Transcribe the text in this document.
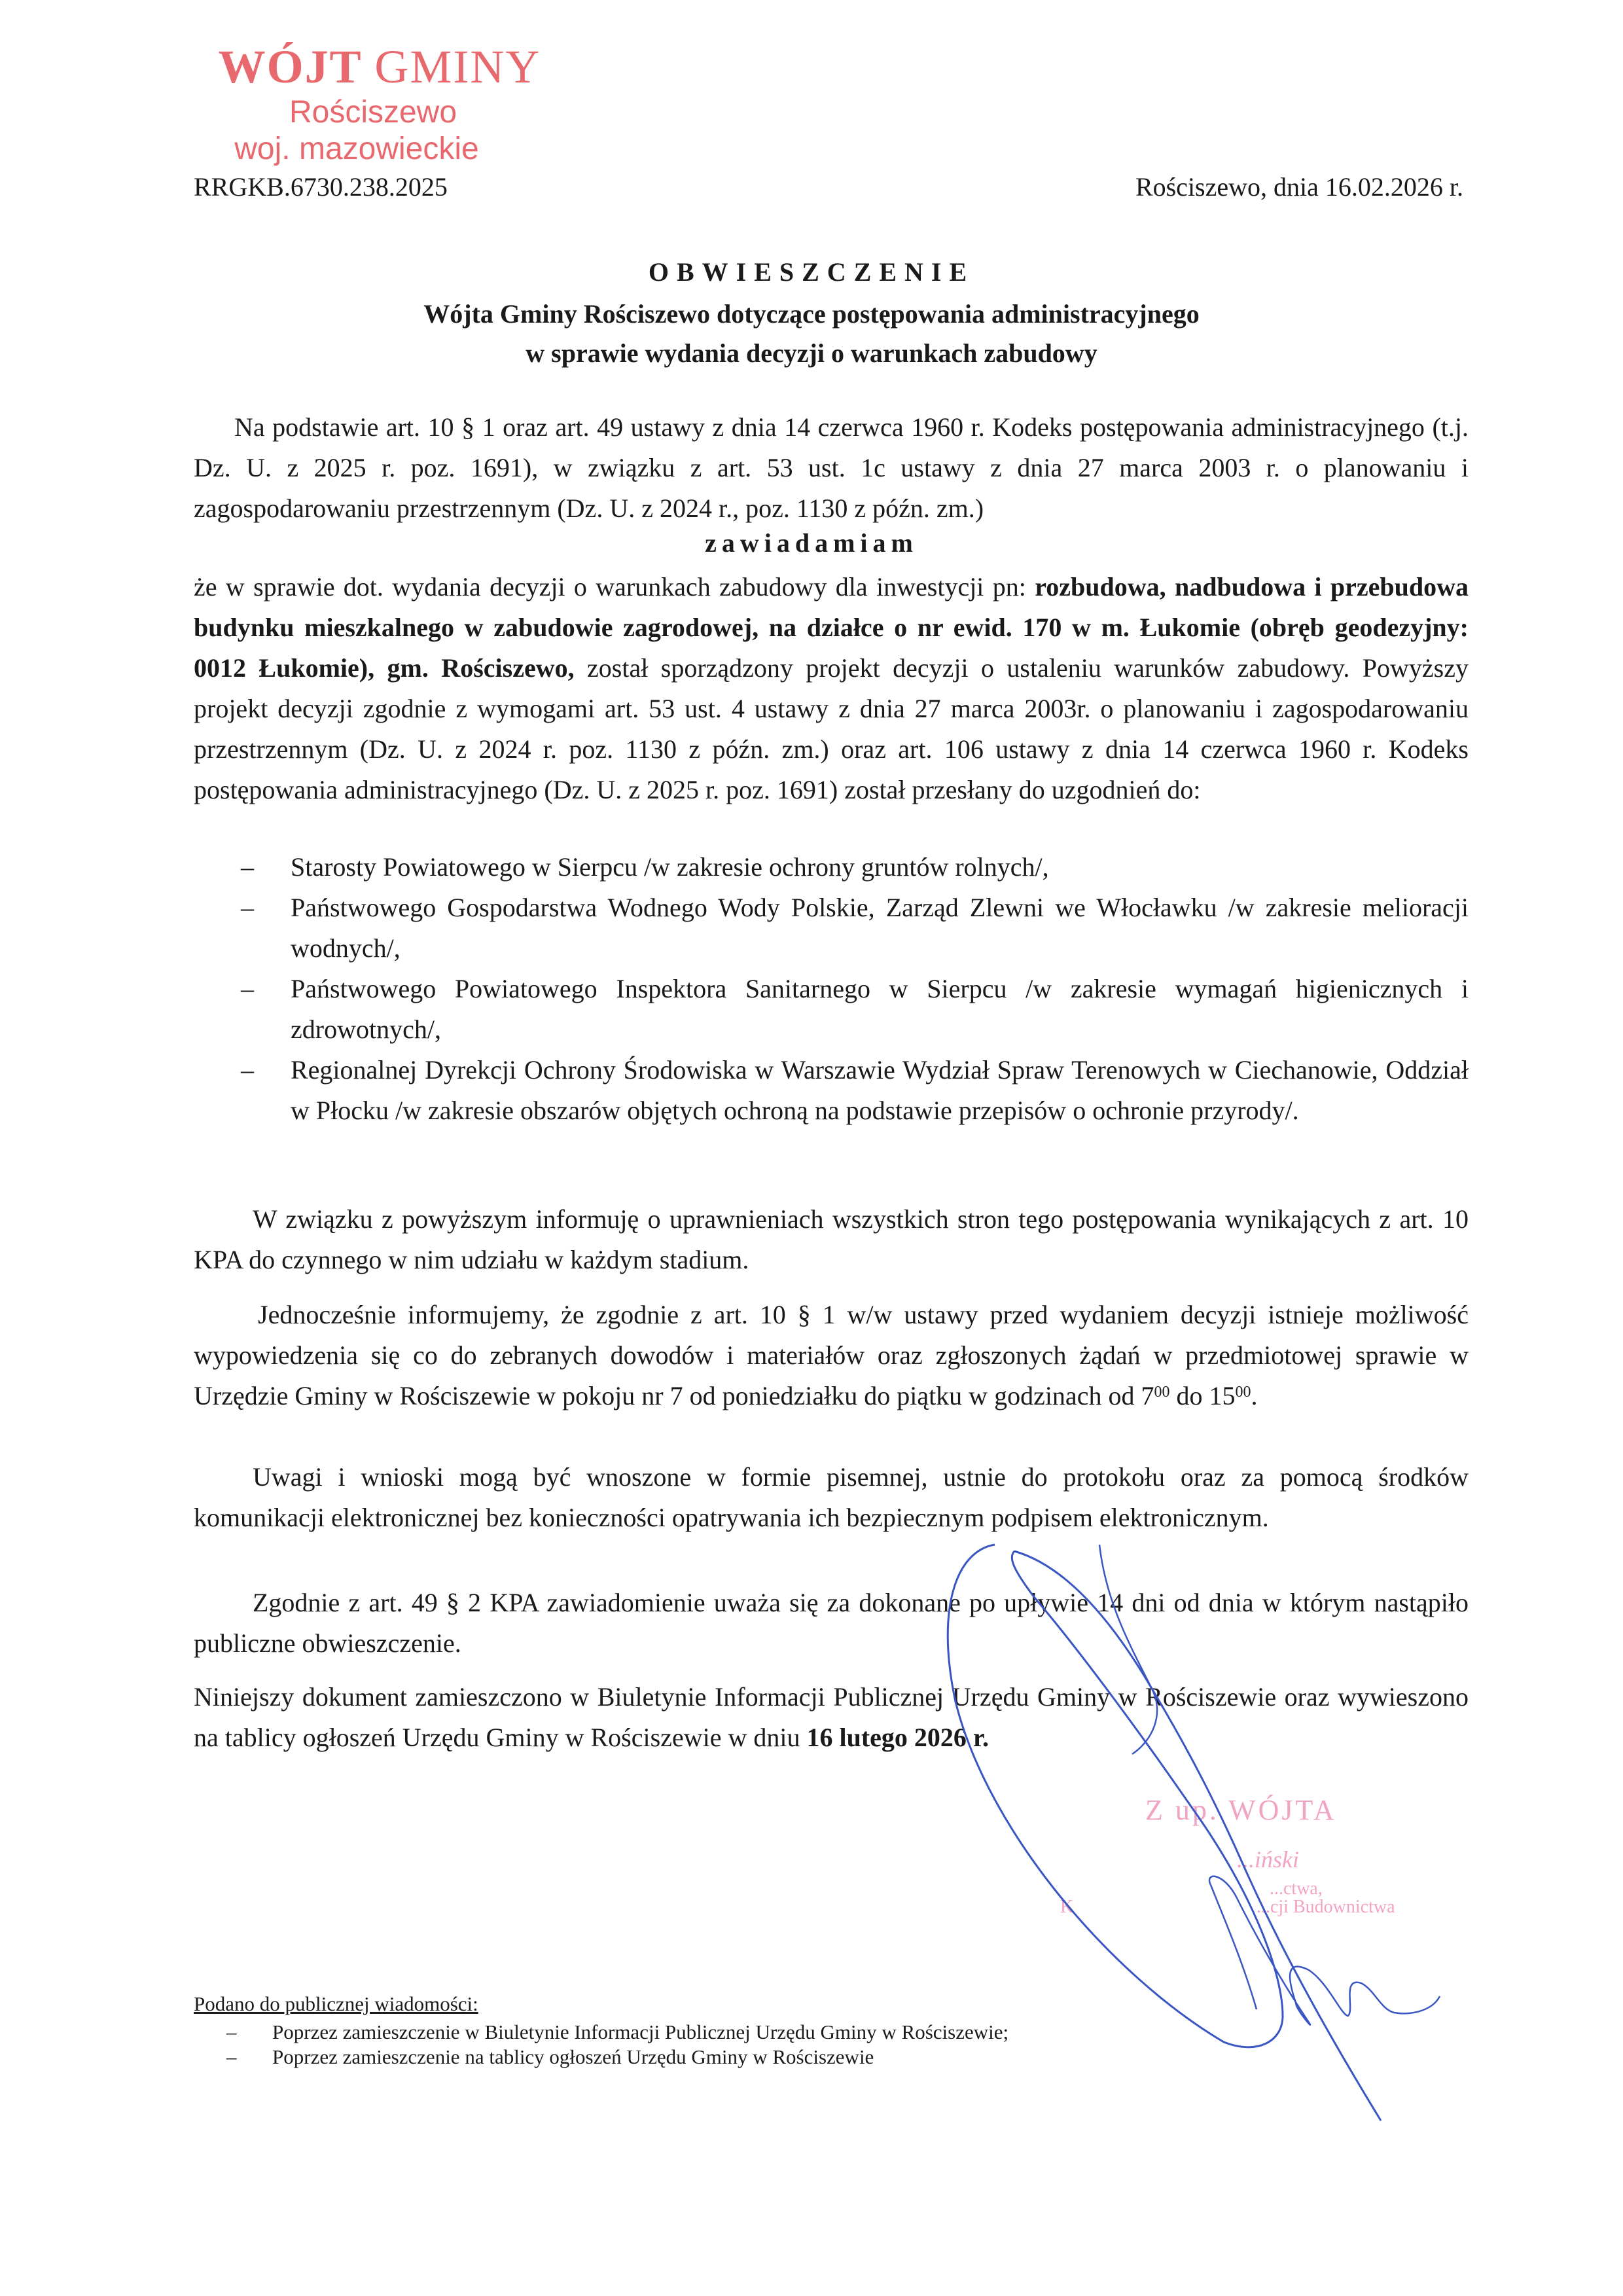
WÓJT GMINY
Rościszewo
woj. mazowieckie
RRGKB.6730.238.2025	Rościszewo, dnia 16.02.2026 r.
OBWIESZCZENIE
Wójta Gminy Rościszewo dotyczące postępowania administracyjnego
w sprawie wydania decyzji o warunkach zabudowy
Na podstawie art. 10 § 1 oraz art. 49 ustawy z dnia 14 czerwca 1960 r. Kodeks postępowania administracyjnego (t.j. Dz. U. z 2025 r. poz. 1691), w związku z art. 53 ust. 1c ustawy z dnia 27 marca 2003 r. o planowaniu i zagospodarowaniu przestrzennym (Dz. U. z 2024 r., poz. 1130 z późn. zm.)
zawiadamiam
że w sprawie dot. wydania decyzji o warunkach zabudowy dla inwestycji pn: rozbudowa, nadbudowa i przebudowa budynku mieszkalnego w zabudowie zagrodowej, na działce o nr ewid. 170 w m. Łukomie (obręb geodezyjny: 0012 Łukomie), gm. Rościszewo, został sporządzony projekt decyzji o ustaleniu warunków zabudowy. Powyższy projekt decyzji zgodnie z wymogami art. 53 ust. 4 ustawy z dnia 27 marca 2003r. o planowaniu i zagospodarowaniu przestrzennym (Dz. U. z 2024 r. poz. 1130 z późn. zm.) oraz art. 106 ustawy z dnia 14 czerwca 1960 r. Kodeks postępowania administracyjnego (Dz. U. z 2025 r. poz. 1691) został przesłany do uzgodnień do:
– Starosty Powiatowego w Sierpcu /w zakresie ochrony gruntów rolnych/,
– Państwowego Gospodarstwa Wodnego Wody Polskie, Zarząd Zlewni we Włocławku /w zakresie melioracji wodnych/,
– Państwowego Powiatowego Inspektora Sanitarnego w Sierpcu /w zakresie wymagań higienicznych i zdrowotnych/,
– Regionalnej Dyrekcji Ochrony Środowiska w Warszawie Wydział Spraw Terenowych w Ciechanowie, Oddział w Płocku /w zakresie obszarów objętych ochroną na podstawie przepisów o ochronie przyrody/.
W związku z powyższym informuję o uprawnieniach wszystkich stron tego postępowania wynikających z art. 10 KPA do czynnego w nim udziału w każdym stadium.
Jednocześnie informujemy, że zgodnie z art. 10 § 1 w/w ustawy przed wydaniem decyzji istnieje możliwość wypowiedzenia się co do zebranych dowodów i materiałów oraz zgłoszonych żądań w przedmiotowej sprawie w Urzędzie Gminy w Rościszewie w pokoju nr 7 od poniedziałku do piątku w godzinach od $7^{00}$ do $15^{00}$.
Uwagi i wnioski mogą być wnoszone w formie pisemnej, ustnie do protokołu oraz za pomocą środków komunikacji elektronicznej bez konieczności opatrywania ich bezpiecznym podpisem elektronicznym.
Zgodnie z art. 49 § 2 KPA zawiadomienie uważa się za dokonane po upływie 14 dni od dnia w którym nastąpiło publiczne obwieszczenie.
Niniejszy dokument zamieszczono w Biuletynie Informacji Publicznej Urzędu Gminy w Rościszewie oraz wywieszono na tablicy ogłoszeń Urzędu Gminy w Rościszewie w dniu 16 lutego 2026 r.
Z up. WÓJTA
...iński
...ctwa,
K	...cji Budownictwa
Podano do publicznej wiadomości:
– Poprzez zamieszczenie w Biuletynie Informacji Publicznej Urzędu Gminy w Rościszewie;
– Poprzez zamieszczenie na tablicy ogłoszeń Urzędu Gminy w Rościszewie
